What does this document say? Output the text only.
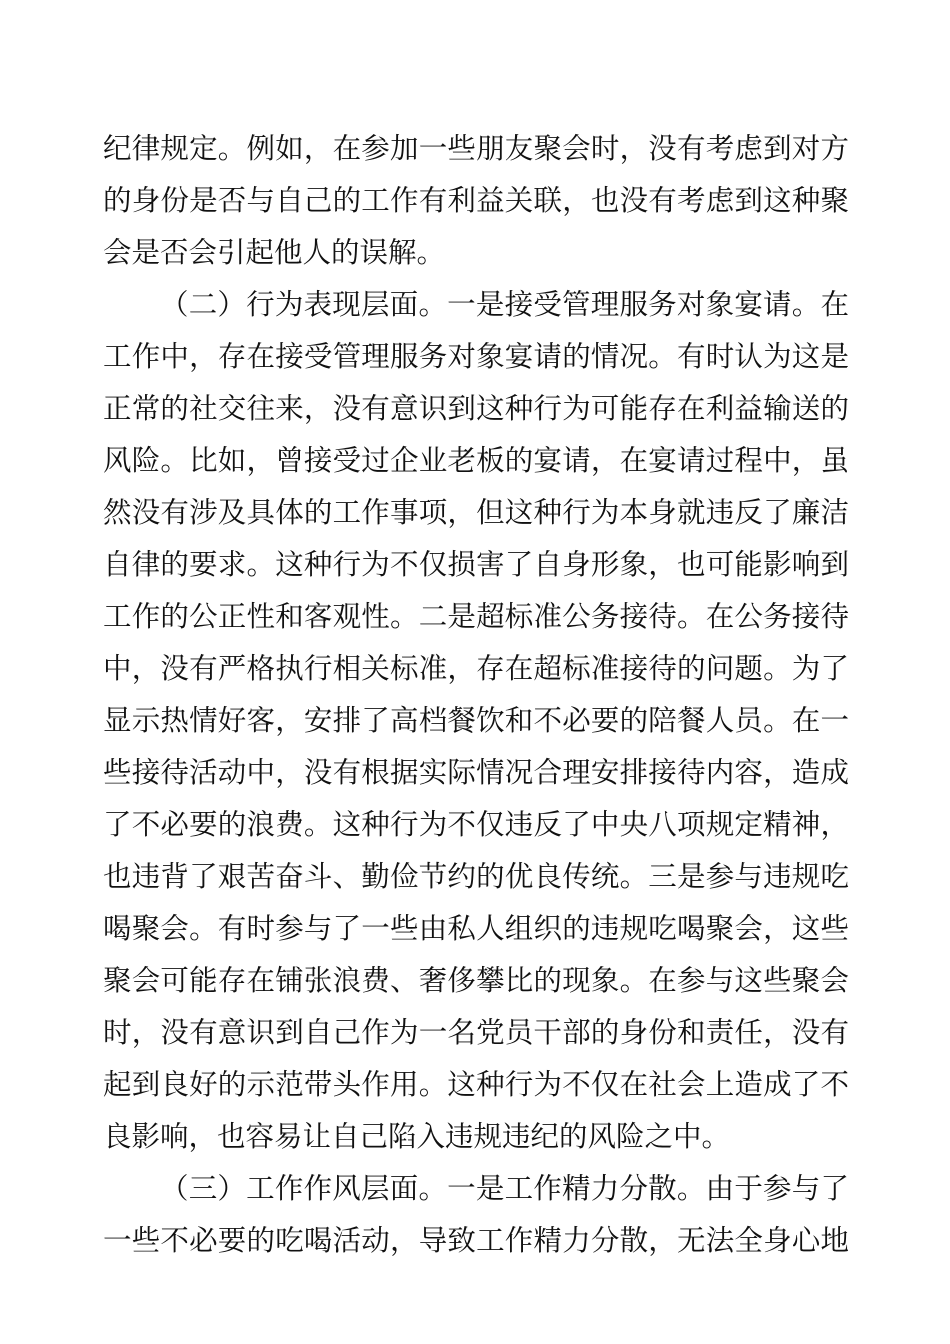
纪律规定。例如，在参加一些朋友聚会时，没有考虑到对方
的身份是否与自己的工作有利益关联，也没有考虑到这种聚
会是否会引起他人的误解。
（二）行为表现层面。一是接受管理服务对象宴请。在
工作中，存在接受管理服务对象宴请的情况。有时认为这是
正常的社交往来，没有意识到这种行为可能存在利益输送的
风险。比如，曾接受过企业老板的宴请，在宴请过程中，虽
然没有涉及具体的工作事项，但这种行为本身就违反了廉洁
自律的要求。这种行为不仅损害了自身形象，也可能影响到
工作的公正性和客观性。二是超标准公务接待。在公务接待
中，没有严格执行相关标准，存在超标准接待的问题。为了
显示热情好客，安排了高档餐饮和不必要的陪餐人员。在一
些接待活动中，没有根据实际情况合理安排接待内容，造成
了不必要的浪费。这种行为不仅违反了中央八项规定精神，
也违背了艰苦奋斗、勤俭节约的优良传统。三是参与违规吃
喝聚会。有时参与了一些由私人组织的违规吃喝聚会，这些
聚会可能存在铺张浪费、奢侈攀比的现象。在参与这些聚会
时，没有意识到自己作为一名党员干部的身份和责任，没有
起到良好的示范带头作用。这种行为不仅在社会上造成了不
良影响，也容易让自己陷入违规违纪的风险之中。
（三）工作作风层面。一是工作精力分散。由于参与了
一些不必要的吃喝活动，导致工作精力分散，无法全身心地
